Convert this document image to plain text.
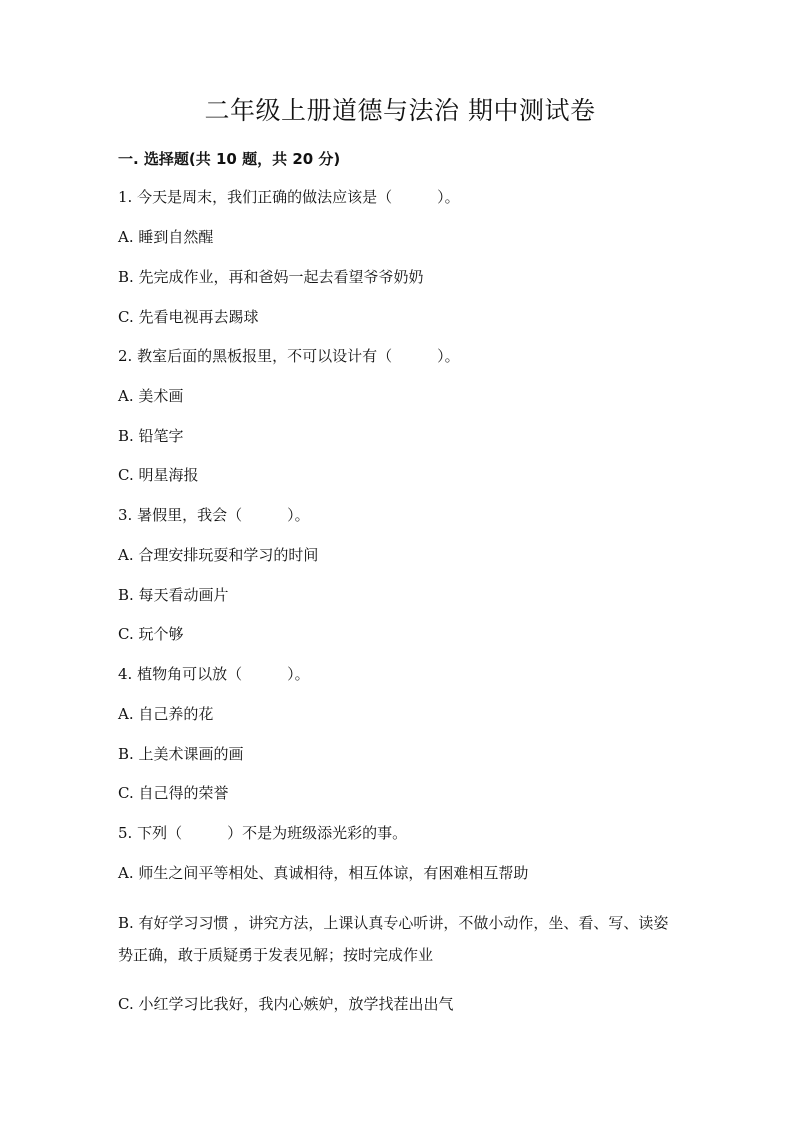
二年级上册道德与法治 期中测试卷
一. 选择题(共 10 题，共 20 分)
1. 今天是周末，我们正确的做法应该是（　　　）。
A. 睡到自然醒
B. 先完成作业，再和爸妈一起去看望爷爷奶奶
C. 先看电视再去踢球
2. 教室后面的黑板报里，不可以设计有（　　　）。
A. 美术画
B. 铅笔字
C. 明星海报
3. 暑假里，我会（　　　）。
A. 合理安排玩耍和学习的时间
B. 每天看动画片
C. 玩个够
4. 植物角可以放（　　　）。
A. 自己养的花
B. 上美术课画的画
C. 自己得的荣誉
5. 下列（　　　）不是为班级添光彩的事。
A. 师生之间平等相处、真诚相待，相互体谅，有困难相互帮助
B. 有好学习习惯 ，讲究方法，上课认真专心听讲，不做小动作，坐、看、写、读姿势正确，敢于质疑勇于发表见解；按时完成作业
C. 小红学习比我好，我内心嫉妒，放学找茬出出气
